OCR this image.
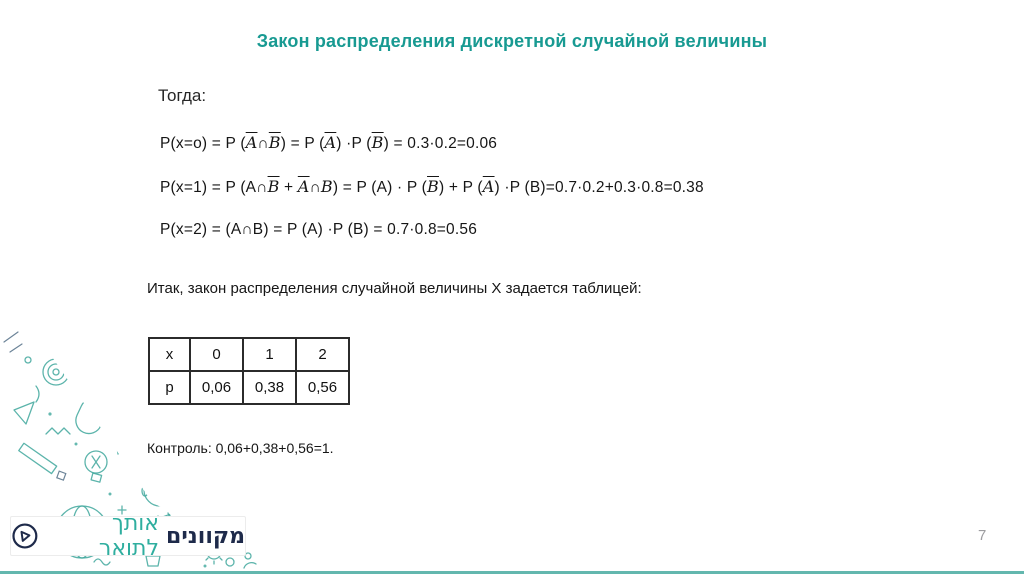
Закон распределения дискретной случайной величины
Тогда:
P(x=o) = P $(\overline{A}\cap\overline{B}) = P$ $(\overline{A}) \cdot P$ $(\overline{B}) = 0.3\cdot 0.2=0.06$
P(x=1) = P ($A\cap\overline{B}$ + $\overline{A}\cap B) = P$ (A) · P $(\overline{B}) + P$ $(\overline{A}) \cdot P$ (B)=0.7·0.2+0.3·0.8=0.38
P(x=2) = (A∩B) = P (A) ·P (B) = 0.7·0.8=0.56
Итак, закон распределения случайной величины X задается таблицей:
x	0	1	2
p	0,06	0,38	0,56
Контроль: 0,06+0,38+0,56=1.
מקוונים
אותך לתואר
7
